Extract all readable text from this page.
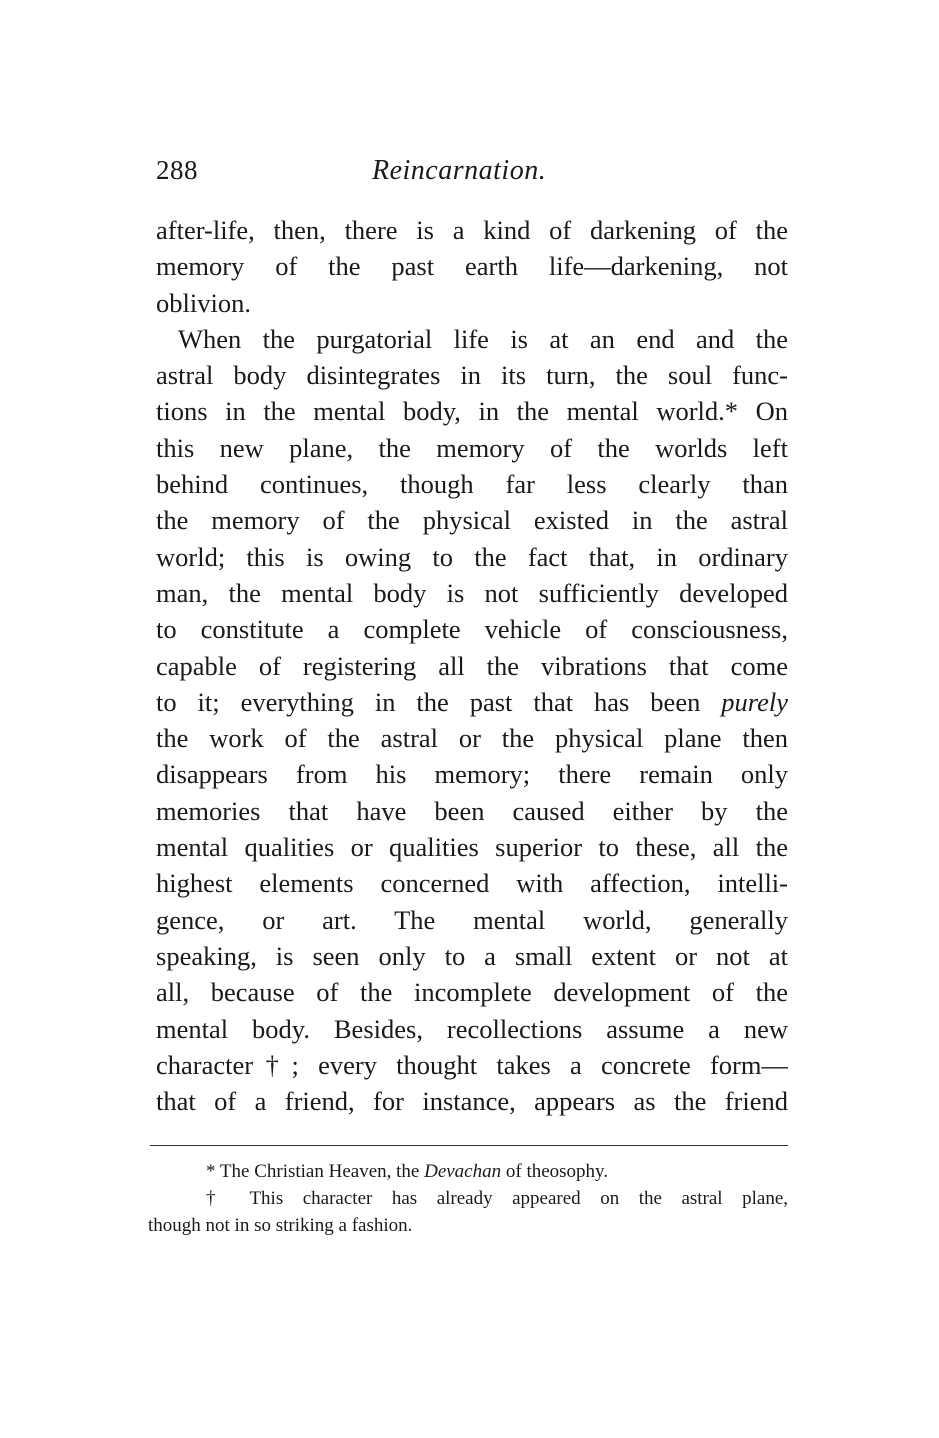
288	Reincarnation.
after-life, then, there is a kind of darkening of the
memory of the past earth life—darkening, not
oblivion.
When the purgatorial life is at an end and the
astral body disintegrates in its turn, the soul func-
tions in the mental body, in the mental world.* On
this new plane, the memory of the worlds left
behind continues, though far less clearly than
the memory of the physical existed in the astral
world; this is owing to the fact that, in ordinary
man, the mental body is not sufficiently developed
to constitute a complete vehicle of consciousness,
capable of registering all the vibrations that come
to it; everything in the past that has been purely
the work of the astral or the physical plane then
disappears from his memory; there remain only
memories that have been caused either by the
mental qualities or qualities superior to these, all the
highest elements concerned with affection, intelli-
gence, or art. The mental world, generally
speaking, is seen only to a small extent or not at
all, because of the incomplete development of the
mental body. Besides, recollections assume a new
character†; every thought takes a concrete form—
that of a friend, for instance, appears as the friend
* The Christian Heaven, the Devachan of theosophy.
† This character has already appeared on the astral plane,
though not in so striking a fashion.
